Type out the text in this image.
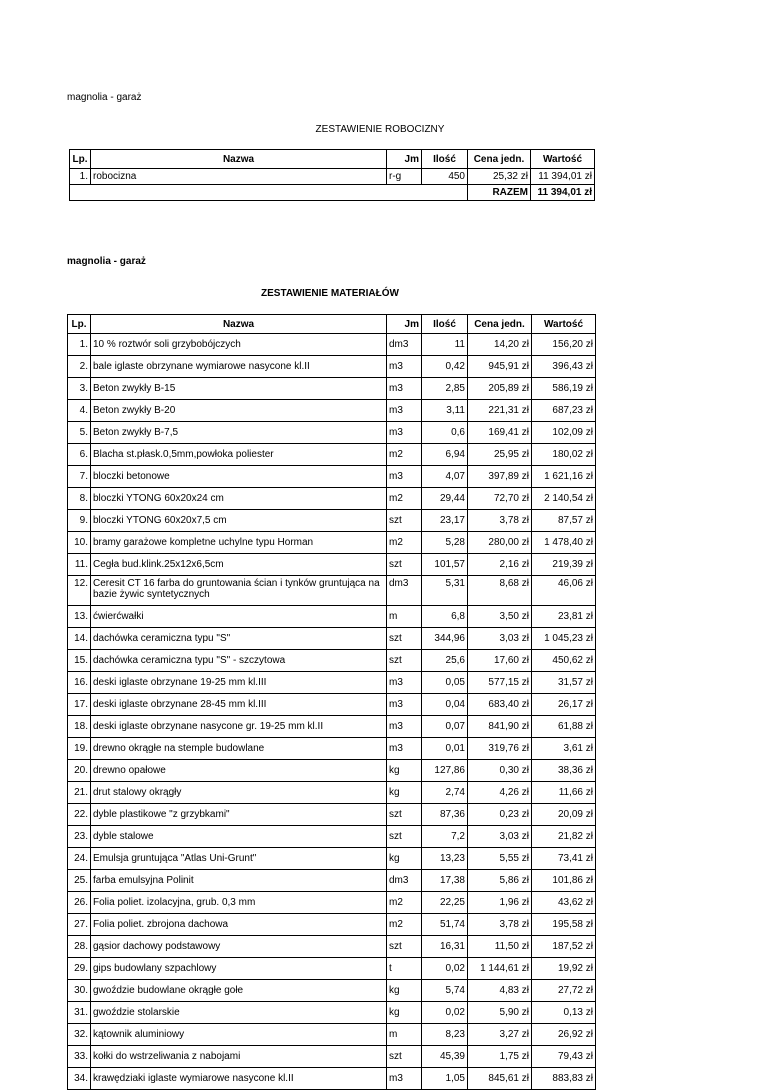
magnolia - garaż
ZESTAWIENIE ROBOCIZNY
Lp.	Nazwa	Jm	Ilość	Cena jedn.	Wartość
1.	robocizna	r-g	450	25,32 zł	11 394,01 zł
				RAZEM	11 394,01 zł
magnolia - garaż
ZESTAWIENIE MATERIAŁÓW
Lp.	Nazwa	Jm	Ilość	Cena jedn.	Wartość
1.	10 % roztwór soli grzybobójczych	dm3	11	14,20 zł	156,20 zł
2.	bale iglaste obrzynane wymiarowe nasycone kl.II	m3	0,42	945,91 zł	396,43 zł
3.	Beton zwykły B-15	m3	2,85	205,89 zł	586,19 zł
4.	Beton zwykły B-20	m3	3,11	221,31 zł	687,23 zł
5.	Beton zwykły B-7,5	m3	0,6	169,41 zł	102,09 zł
6.	Blacha st.płask.0,5mm,powłoka poliester	m2	6,94	25,95 zł	180,02 zł
7.	bloczki betonowe	m3	4,07	397,89 zł	1 621,16 zł
8.	bloczki YTONG 60x20x24 cm	m2	29,44	72,70 zł	2 140,54 zł
9.	bloczki YTONG 60x20x7,5 cm	szt	23,17	3,78 zł	87,57 zł
10.	bramy garażowe kompletne uchylne typu Horman	m2	5,28	280,00 zł	1 478,40 zł
11.	Cegła bud.klink.25x12x6,5cm	szt	101,57	2,16 zł	219,39 zł
12.	Ceresit CT 16 farba do gruntowania ścian i tynków gruntująca na bazie żywic syntetycznych	dm3	5,31	8,68 zł	46,06 zł
13.	ćwierćwałki	m	6,8	3,50 zł	23,81 zł
14.	dachówka ceramiczna typu "S"	szt	344,96	3,03 zł	1 045,23 zł
15.	dachówka ceramiczna typu "S" - szczytowa	szt	25,6	17,60 zł	450,62 zł
16.	deski iglaste obrzynane 19-25 mm kl.III	m3	0,05	577,15 zł	31,57 zł
17.	deski iglaste obrzynane 28-45 mm kl.III	m3	0,04	683,40 zł	26,17 zł
18.	deski iglaste obrzynane nasycone gr. 19-25 mm kl.II	m3	0,07	841,90 zł	61,88 zł
19.	drewno okrągłe na stemple budowlane	m3	0,01	319,76 zł	3,61 zł
20.	drewno opałowe	kg	127,86	0,30 zł	38,36 zł
21.	drut stalowy okrągły	kg	2,74	4,26 zł	11,66 zł
22.	dyble plastikowe "z grzybkami"	szt	87,36	0,23 zł	20,09 zł
23.	dyble stalowe	szt	7,2	3,03 zł	21,82 zł
24.	Emulsja gruntująca "Atlas Uni-Grunt"	kg	13,23	5,55 zł	73,41 zł
25.	farba emulsyjna Polinit	dm3	17,38	5,86 zł	101,86 zł
26.	Folia poliet. izolacyjna, grub. 0,3 mm	m2	22,25	1,96 zł	43,62 zł
27.	Folia poliet. zbrojona dachowa	m2	51,74	3,78 zł	195,58 zł
28.	gąsior dachowy podstawowy	szt	16,31	11,50 zł	187,52 zł
29.	gips budowlany szpachlowy	t	0,02	1 144,61 zł	19,92 zł
30.	gwoździe budowlane okrągłe gołe	kg	5,74	4,83 zł	27,72 zł
31.	gwoździe stolarskie	kg	0,02	5,90 zł	0,13 zł
32.	kątownik aluminiowy	m	8,23	3,27 zł	26,92 zł
33.	kołki do wstrzeliwania z nabojami	szt	45,39	1,75 zł	79,43 zł
34.	krawędziaki iglaste wymiarowe nasycone kl.II	m3	1,05	845,61 zł	883,83 zł
